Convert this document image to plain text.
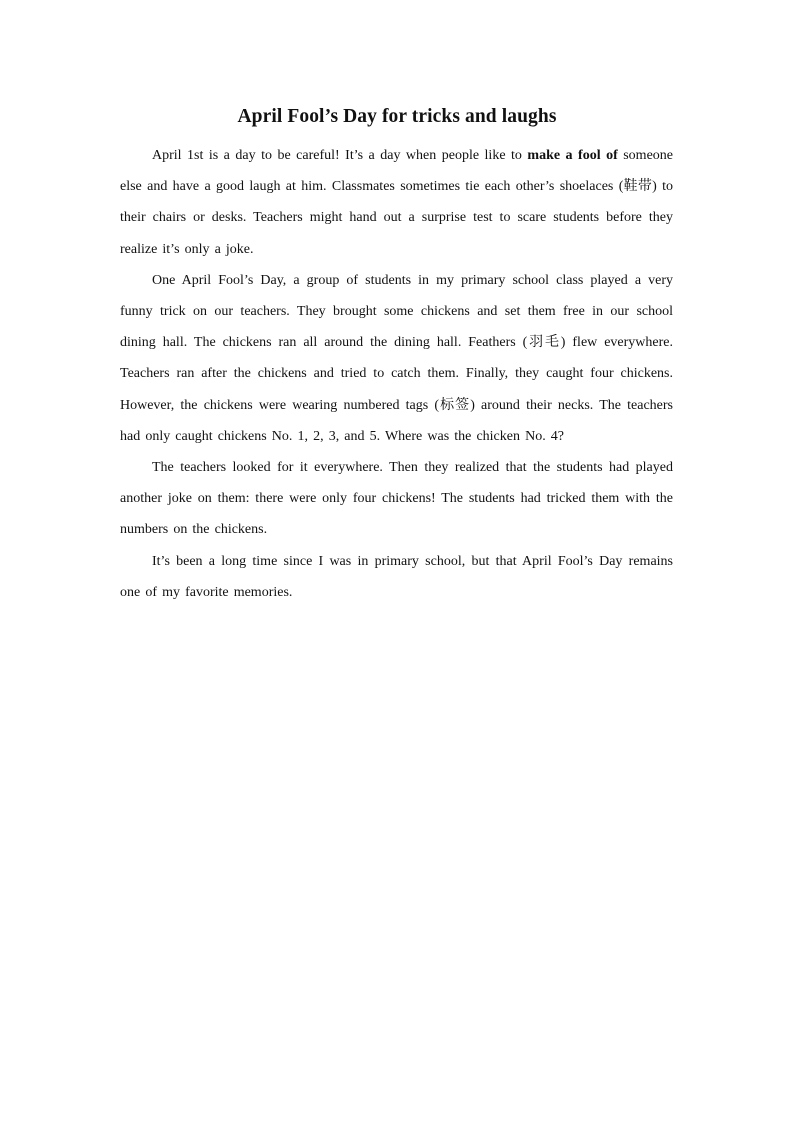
April Fool’s Day for tricks and laughs

April 1st is a day to be careful! It’s a day when people like to make a fool of someone else and have a good laugh at him. Classmates sometimes tie each other’s shoelaces (鞋带) to their chairs or desks. Teachers might hand out a surprise test to scare students before they realize it’s only a joke.

One April Fool’s Day, a group of students in my primary school class played a very funny trick on our teachers. They brought some chickens and set them free in our school dining hall. The chickens ran all around the dining hall. Feathers (羽毛) flew everywhere. Teachers ran after the chickens and tried to catch them. Finally, they caught four chickens. However, the chickens were wearing numbered tags (标签) around their necks. The teachers had only caught chickens No. 1, 2, 3, and 5. Where was the chicken No. 4?

The teachers looked for it everywhere. Then they realized that the students had played another joke on them: there were only four chickens! The students had tricked them with the numbers on the chickens.

It’s been a long time since I was in primary school, but that April Fool’s Day remains one of my favorite memories.
